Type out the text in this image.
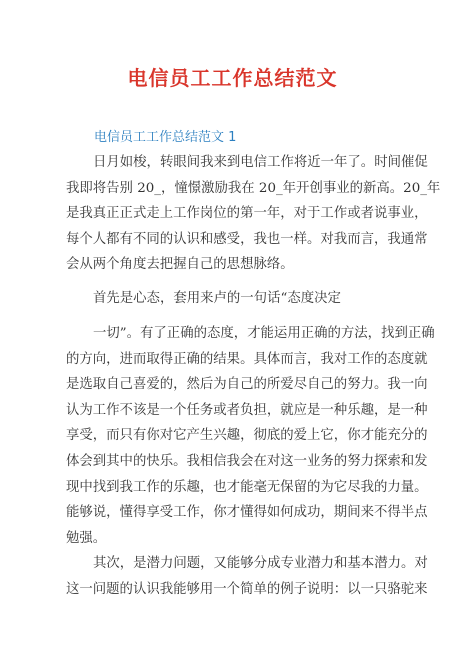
电信员工工作总结范文
电信员工工作总结范文 1
日月如梭，转眼间我来到电信工作将近一年了。时间催促
我即将告别 20_，憧憬激励我在 20_年开创事业的新高。20_年
是我真正正式走上工作岗位的第一年，对于工作或者说事业，
每个人都有不同的认识和感受，我也一样。对我而言，我通常
会从两个角度去把握自己的思想脉络。
首先是心态，套用来卢的一句话“态度决定
一切”。有了正确的态度，才能运用正确的方法，找到正确
的方向，进而取得正确的结果。具体而言，我对工作的态度就
是选取自己喜爱的，然后为自己的所爱尽自己的努力。我一向
认为工作不该是一个任务或者负担，就应是一种乐趣，是一种
享受，而只有你对它产生兴趣，彻底的爱上它，你才能充分的
体会到其中的快乐。我相信我会在对这一业务的努力探索和发
现中找到我工作的乐趣，也才能毫无保留的为它尽我的力量。
能够说，懂得享受工作，你才懂得如何成功，期间来不得半点
勉强。
其次，是潜力问题，又能够分成专业潜力和基本潜力。对
这一问题的认识我能够用一个简单的例子说明：以一只骆驼来
